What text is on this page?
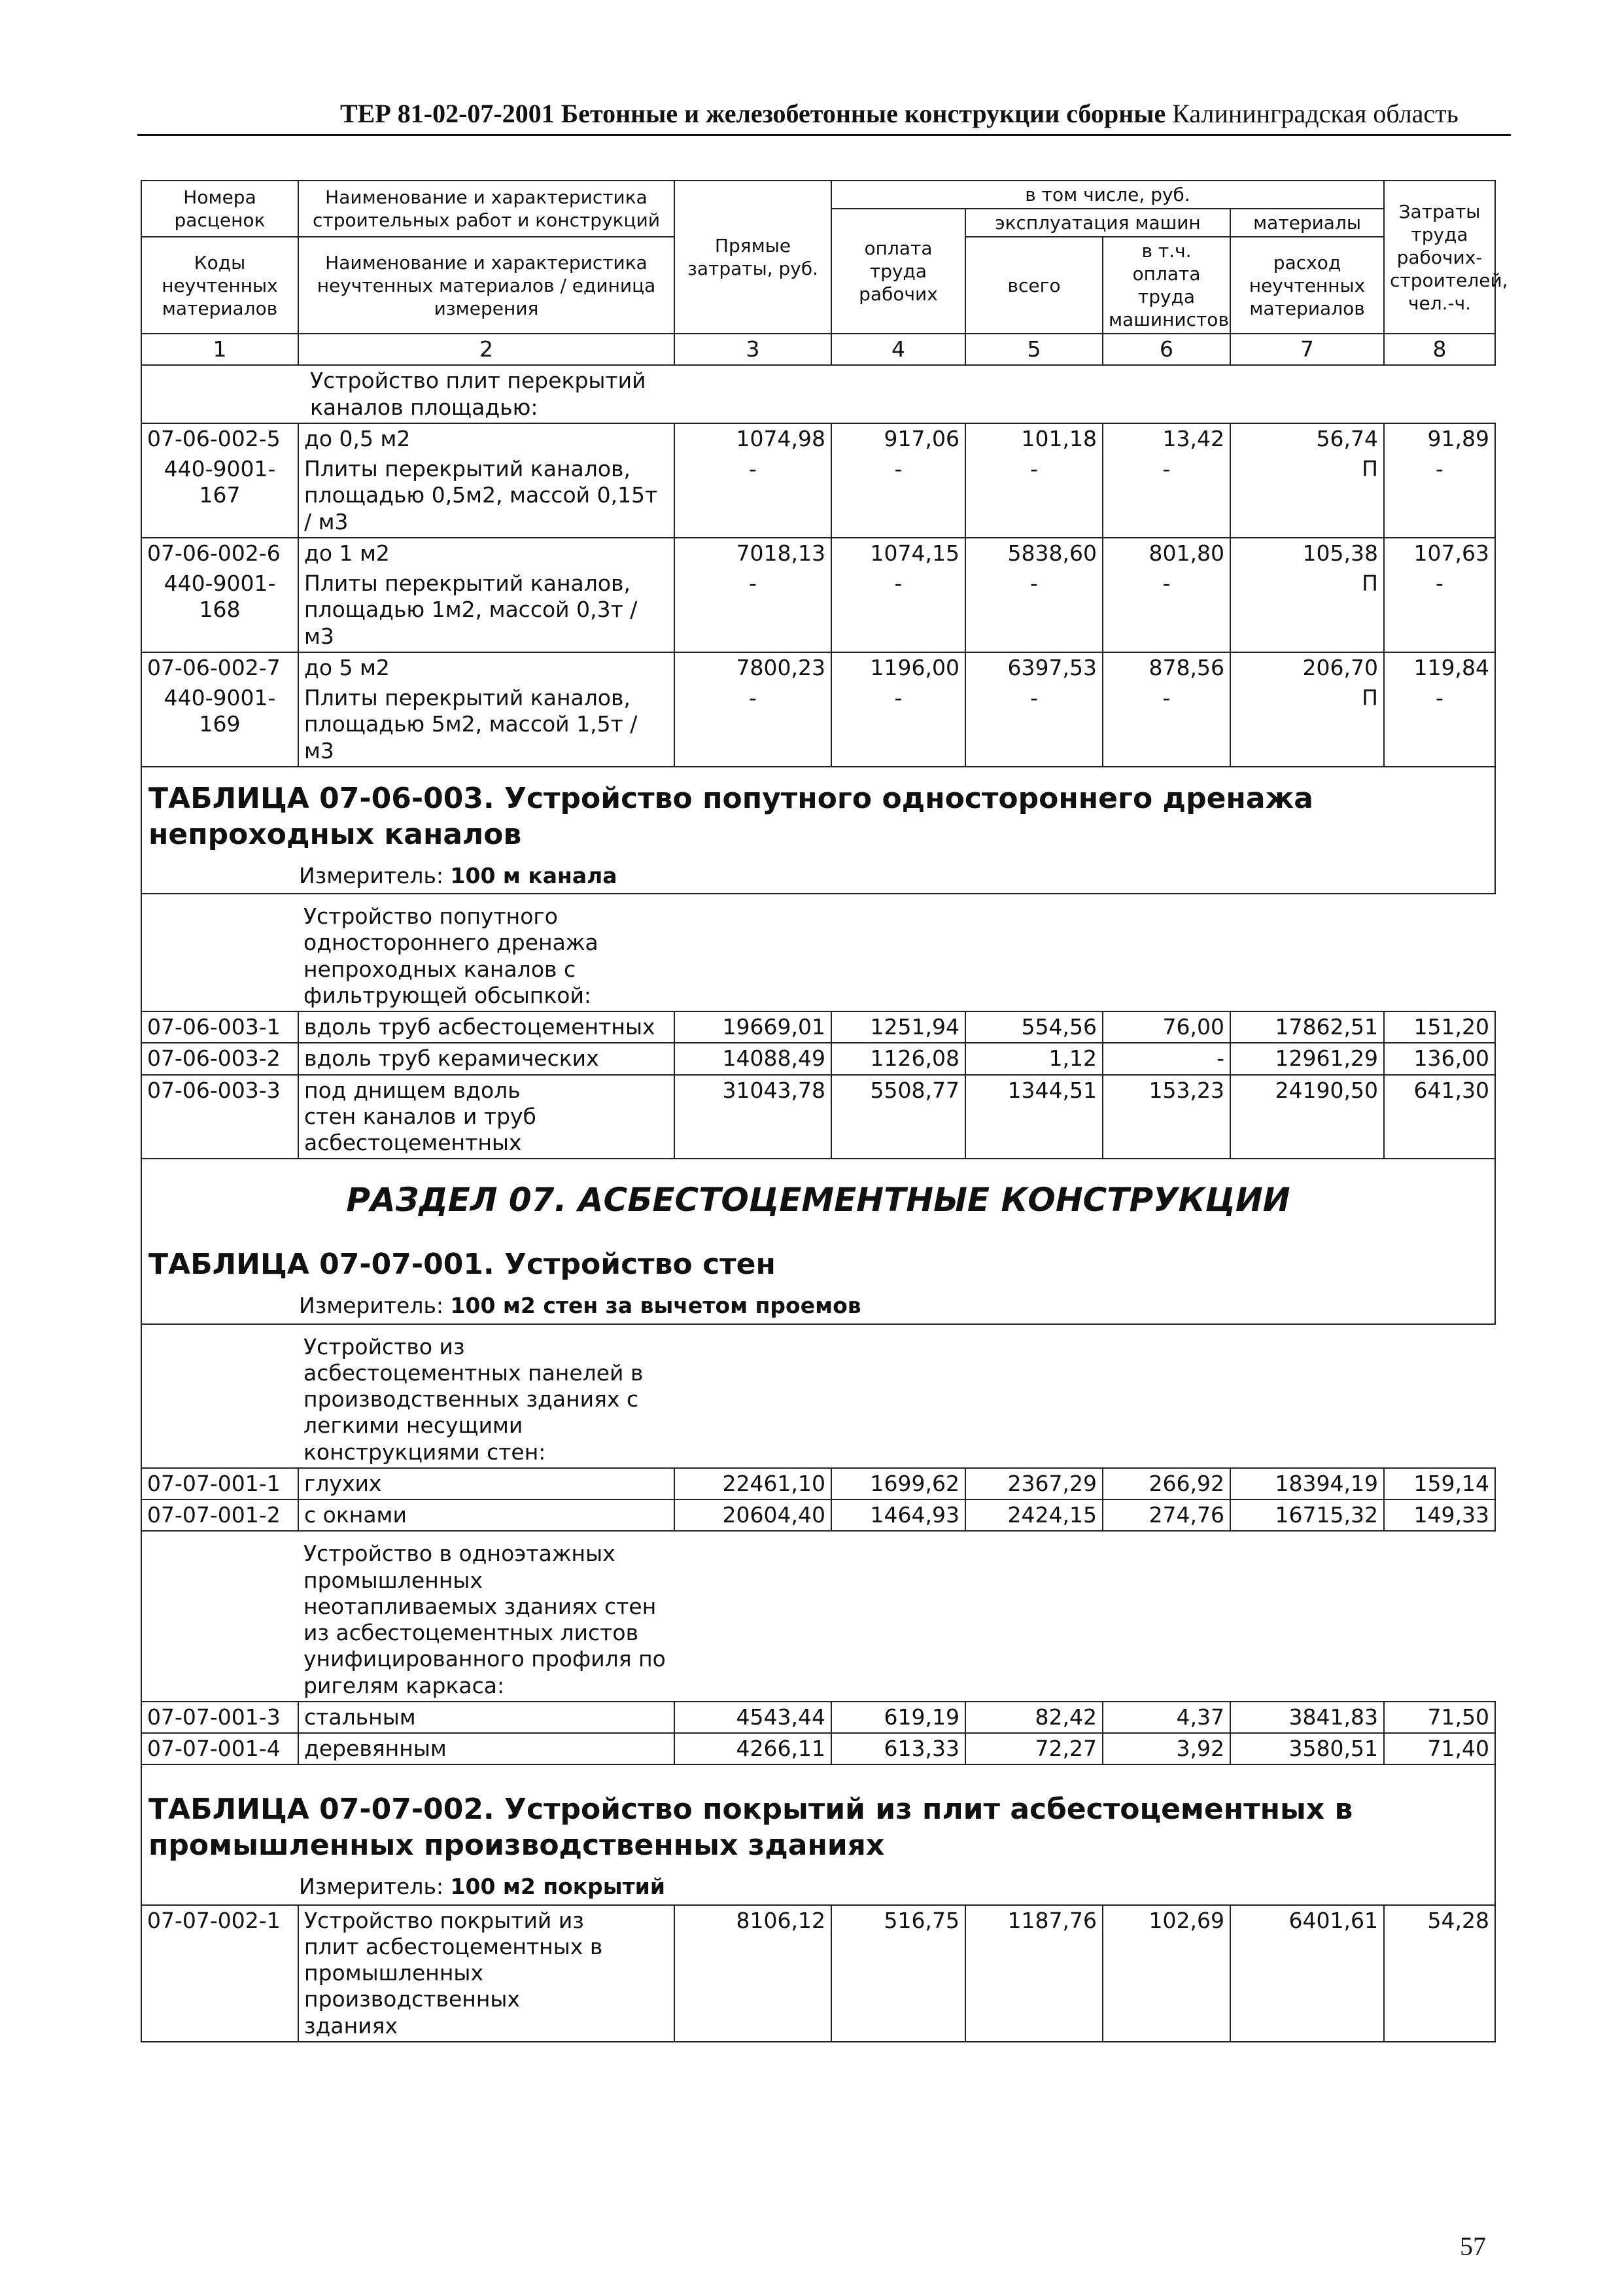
ТЕР 81-02-07-2001 Бетонные и железобетонные конструкции сборные Калининградская область
Номера расценок	Наименование и характеристика строительных работ и конструкций	Прямые затраты, руб.	в том числе, руб.				Затраты труда рабочих-строителей, чел.-ч.
			оплата труда рабочих	эксплуатация машин		материалы	
Коды неучтенных материалов	Наименование и характеристика неучтенных материалов / единица измерения			всего	в т.ч. оплата труда машинистов	расход неучтенных материалов	

1	2	3	4	5	6	7	8

	Устройство плит перекрытий каналов площадью:						

07-06-002-5	до 0,5 м2	1074,98	917,06	101,18	13,42	56,74	91,89
440-9001-167	Плиты перекрытий каналов, площадью 0,5м2, массой 0,15т / м3	-	-	-	-	П	-
07-06-002-6	до 1 м2	7018,13	1074,15	5838,60	801,80	105,38	107,63
440-9001-168	Плиты перекрытий каналов, площадью 1м2, массой 0,3т / м3	-	-	-	-	П	-
07-06-002-7	до 5 м2	7800,23	1196,00	6397,53	878,56	206,70	119,84
440-9001-169	Плиты перекрытий каналов, площадью 5м2, массой 1,5т / м3	-	-	-	-	П	-
ТАБЛИЦА 07-06-003. Устройство попутного одностороннего дренажа непроходных каналов							
Измеритель: 100 м канала							

	Устройство попутного одностороннего дренажа непроходных каналов с фильтрующей обсыпкой:						

07-06-003-1	вдоль труб асбестоцементных	19669,01	1251,94	554,56	76,00	17862,51	151,20
07-06-003-2	вдоль труб керамических	14088,49	1126,08	1,12	-	12961,29	136,00
07-06-003-3	под днищем вдоль стен каналов и труб асбестоцементных	31043,78	5508,77	1344,51	153,23	24190,50	641,30
РАЗДЕЛ 07. АСБЕСТОЦЕМЕНТНЫЕ КОНСТРУКЦИИ							
ТАБЛИЦА 07-07-001. Устройство стен							
Измеритель: 100 м2 стен за вычетом проемов							

	Устройство из асбестоцементных панелей в производственных зданиях с легкими несущими конструкциями стен:						

07-07-001-1	глухих	22461,10	1699,62	2367,29	266,92	18394,19	159,14
07-07-001-2	с окнами	20604,40	1464,93	2424,15	274,76	16715,32	149,33

	Устройство в одноэтажных промышленных неотапливаемых зданиях стен из асбестоцементных листов унифицированного профиля по ригелям каркаса:						

07-07-001-3	стальным	4543,44	619,19	82,42	4,37	3841,83	71,50
07-07-001-4	деревянным	4266,11	613,33	72,27	3,92	3580,51	71,40
ТАБЛИЦА 07-07-002. Устройство покрытий из плит асбестоцементных в промышленных производственных зданиях							
Измеритель: 100 м2 покрытий							
07-07-002-1	Устройство покрытий из плит асбестоцементных в промышленных производственных зданиях	8106,12	516,75	1187,76	102,69	6401,61	54,28
57
